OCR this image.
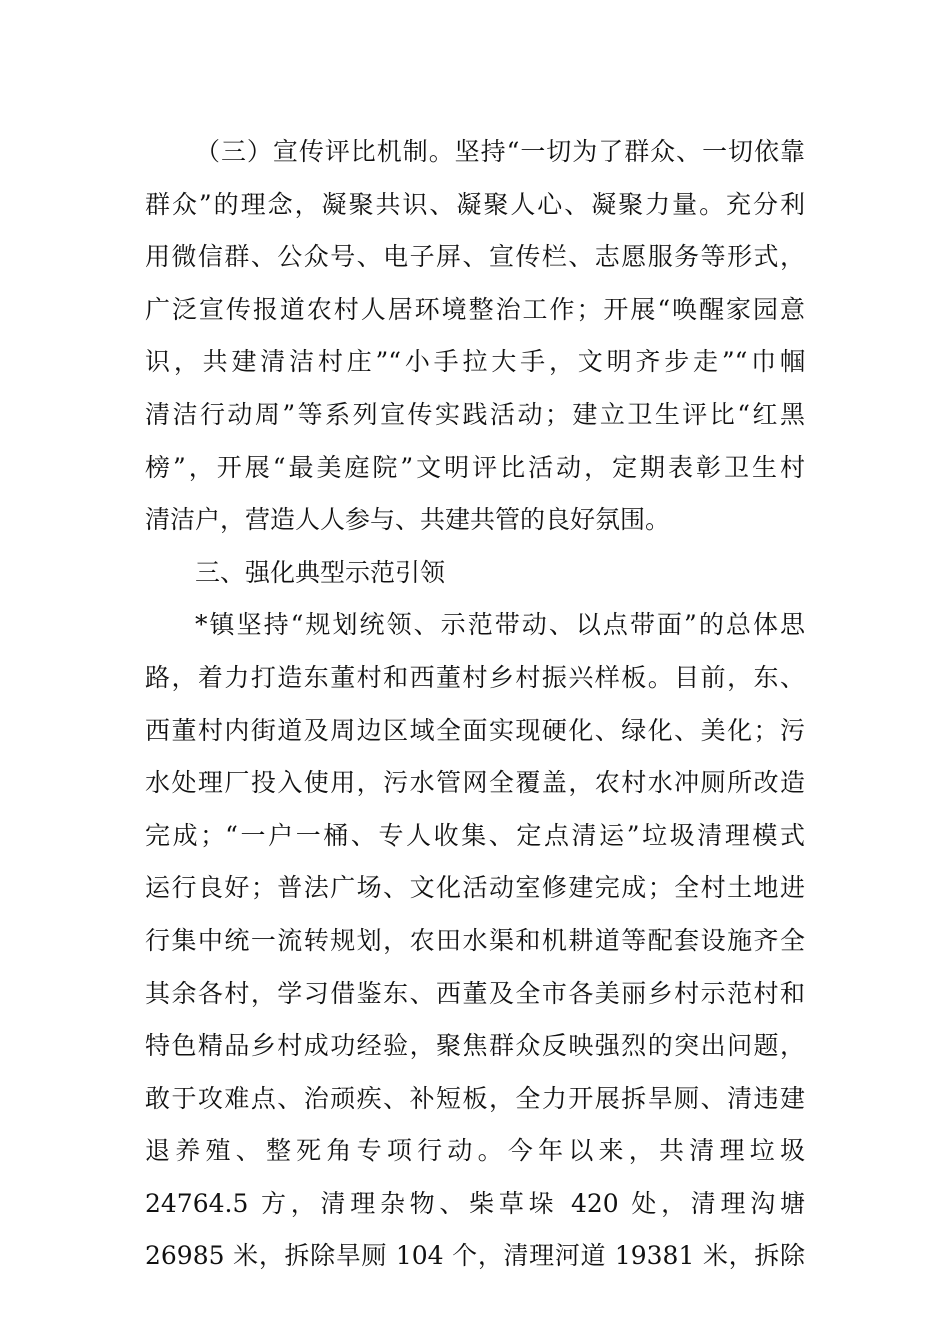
（三）宣传评比机制。坚持“一切为了群众、一切依靠
群众”的理念，凝聚共识、凝聚人心、凝聚力量。充分利
用微信群、公众号、电子屏、宣传栏、志愿服务等形式，
广泛宣传报道农村人居环境整治工作；开展“唤醒家园意
识，共建清洁村庄”“小手拉大手，文明齐步走”“巾帼
清洁行动周”等系列宣传实践活动；建立卫生评比“红黑
榜”，开展“最美庭院”文明评比活动，定期表彰卫生村
清洁户，营造人人参与、共建共管的良好氛围。
三、强化典型示范引领
*镇坚持“规划统领、示范带动、以点带面”的总体思
路，着力打造东董村和西董村乡村振兴样板。目前，东、
西董村内街道及周边区域全面实现硬化、绿化、美化；污
水处理厂投入使用，污水管网全覆盖，农村水冲厕所改造
完成；“一户一桶、专人收集、定点清运”垃圾清理模式
运行良好；普法广场、文化活动室修建完成；全村土地进
行集中统一流转规划，农田水渠和机耕道等配套设施齐全
其余各村，学习借鉴东、西董及全市各美丽乡村示范村和
特色精品乡村成功经验，聚焦群众反映强烈的突出问题，
敢于攻难点、治顽疾、补短板，全力开展拆旱厕、清违建
退养殖、整死角专项行动。今年以来，共清理垃圾
24764.5 方，清理杂物、柴草垛 420 处，清理沟塘
26985 米，拆除旱厕 104 个，清理河道 19381 米，拆除
